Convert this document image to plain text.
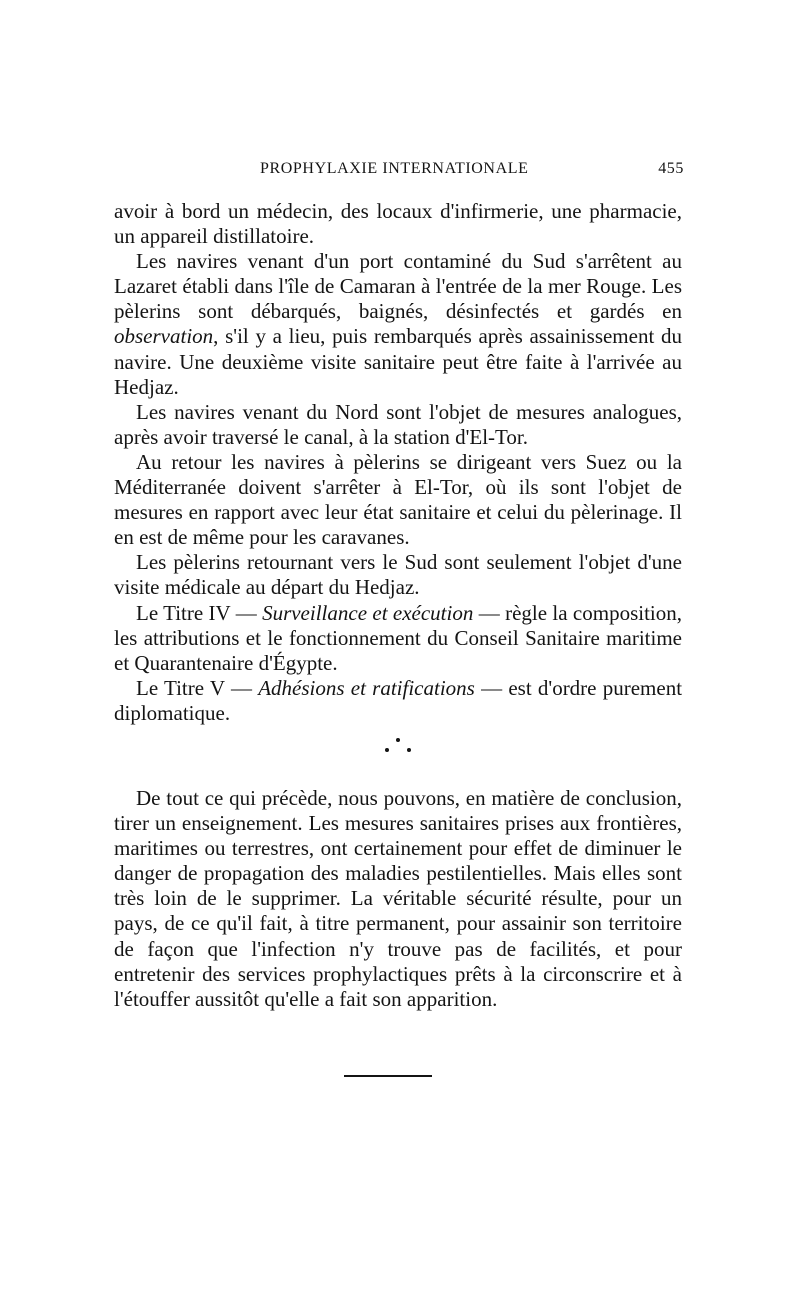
PROPHYLAXIE INTERNATIONALE	455

avoir à bord un médecin, des locaux d'infirmerie, une pharmacie, un appareil distillatoire.

Les navires venant d'un port contaminé du Sud s'arrêtent au Lazaret établi dans l'île de Camaran à l'entrée de la mer Rouge. Les pèlerins sont débarqués, baignés, désinfectés et gardés en observation, s'il y a lieu, puis rembarqués après assainissement du navire. Une deuxième visite sanitaire peut être faite à l'arrivée au Hedjaz.

Les navires venant du Nord sont l'objet de mesures analogues, après avoir traversé le canal, à la station d'El-Tor.

Au retour les navires à pèlerins se dirigeant vers Suez ou la Méditerranée doivent s'arrêter à El-Tor, où ils sont l'objet de mesures en rapport avec leur état sanitaire et celui du pèlerinage. Il en est de même pour les caravanes.

Les pèlerins retournant vers le Sud sont seulement l'objet d'une visite médicale au départ du Hedjaz.

Le Titre IV — Surveillance et exécution — règle la composition, les attributions et le fonctionnement du Conseil Sanitaire maritime et Quarantenaire d'Égypte.

Le Titre V — Adhésions et ratifications — est d'ordre purement diplomatique.

De tout ce qui précède, nous pouvons, en matière de conclusion, tirer un enseignement. Les mesures sanitaires prises aux frontières, maritimes ou terrestres, ont certainement pour effet de diminuer le danger de propagation des maladies pestilentielles. Mais elles sont très loin de le supprimer. La véritable sécurité résulte, pour un pays, de ce qu'il fait, à titre permanent, pour assainir son territoire de façon que l'infection n'y trouve pas de facilités, et pour entretenir des services prophylactiques prêts à la circonscrire et à l'étouffer aussitôt qu'elle a fait son apparition.
